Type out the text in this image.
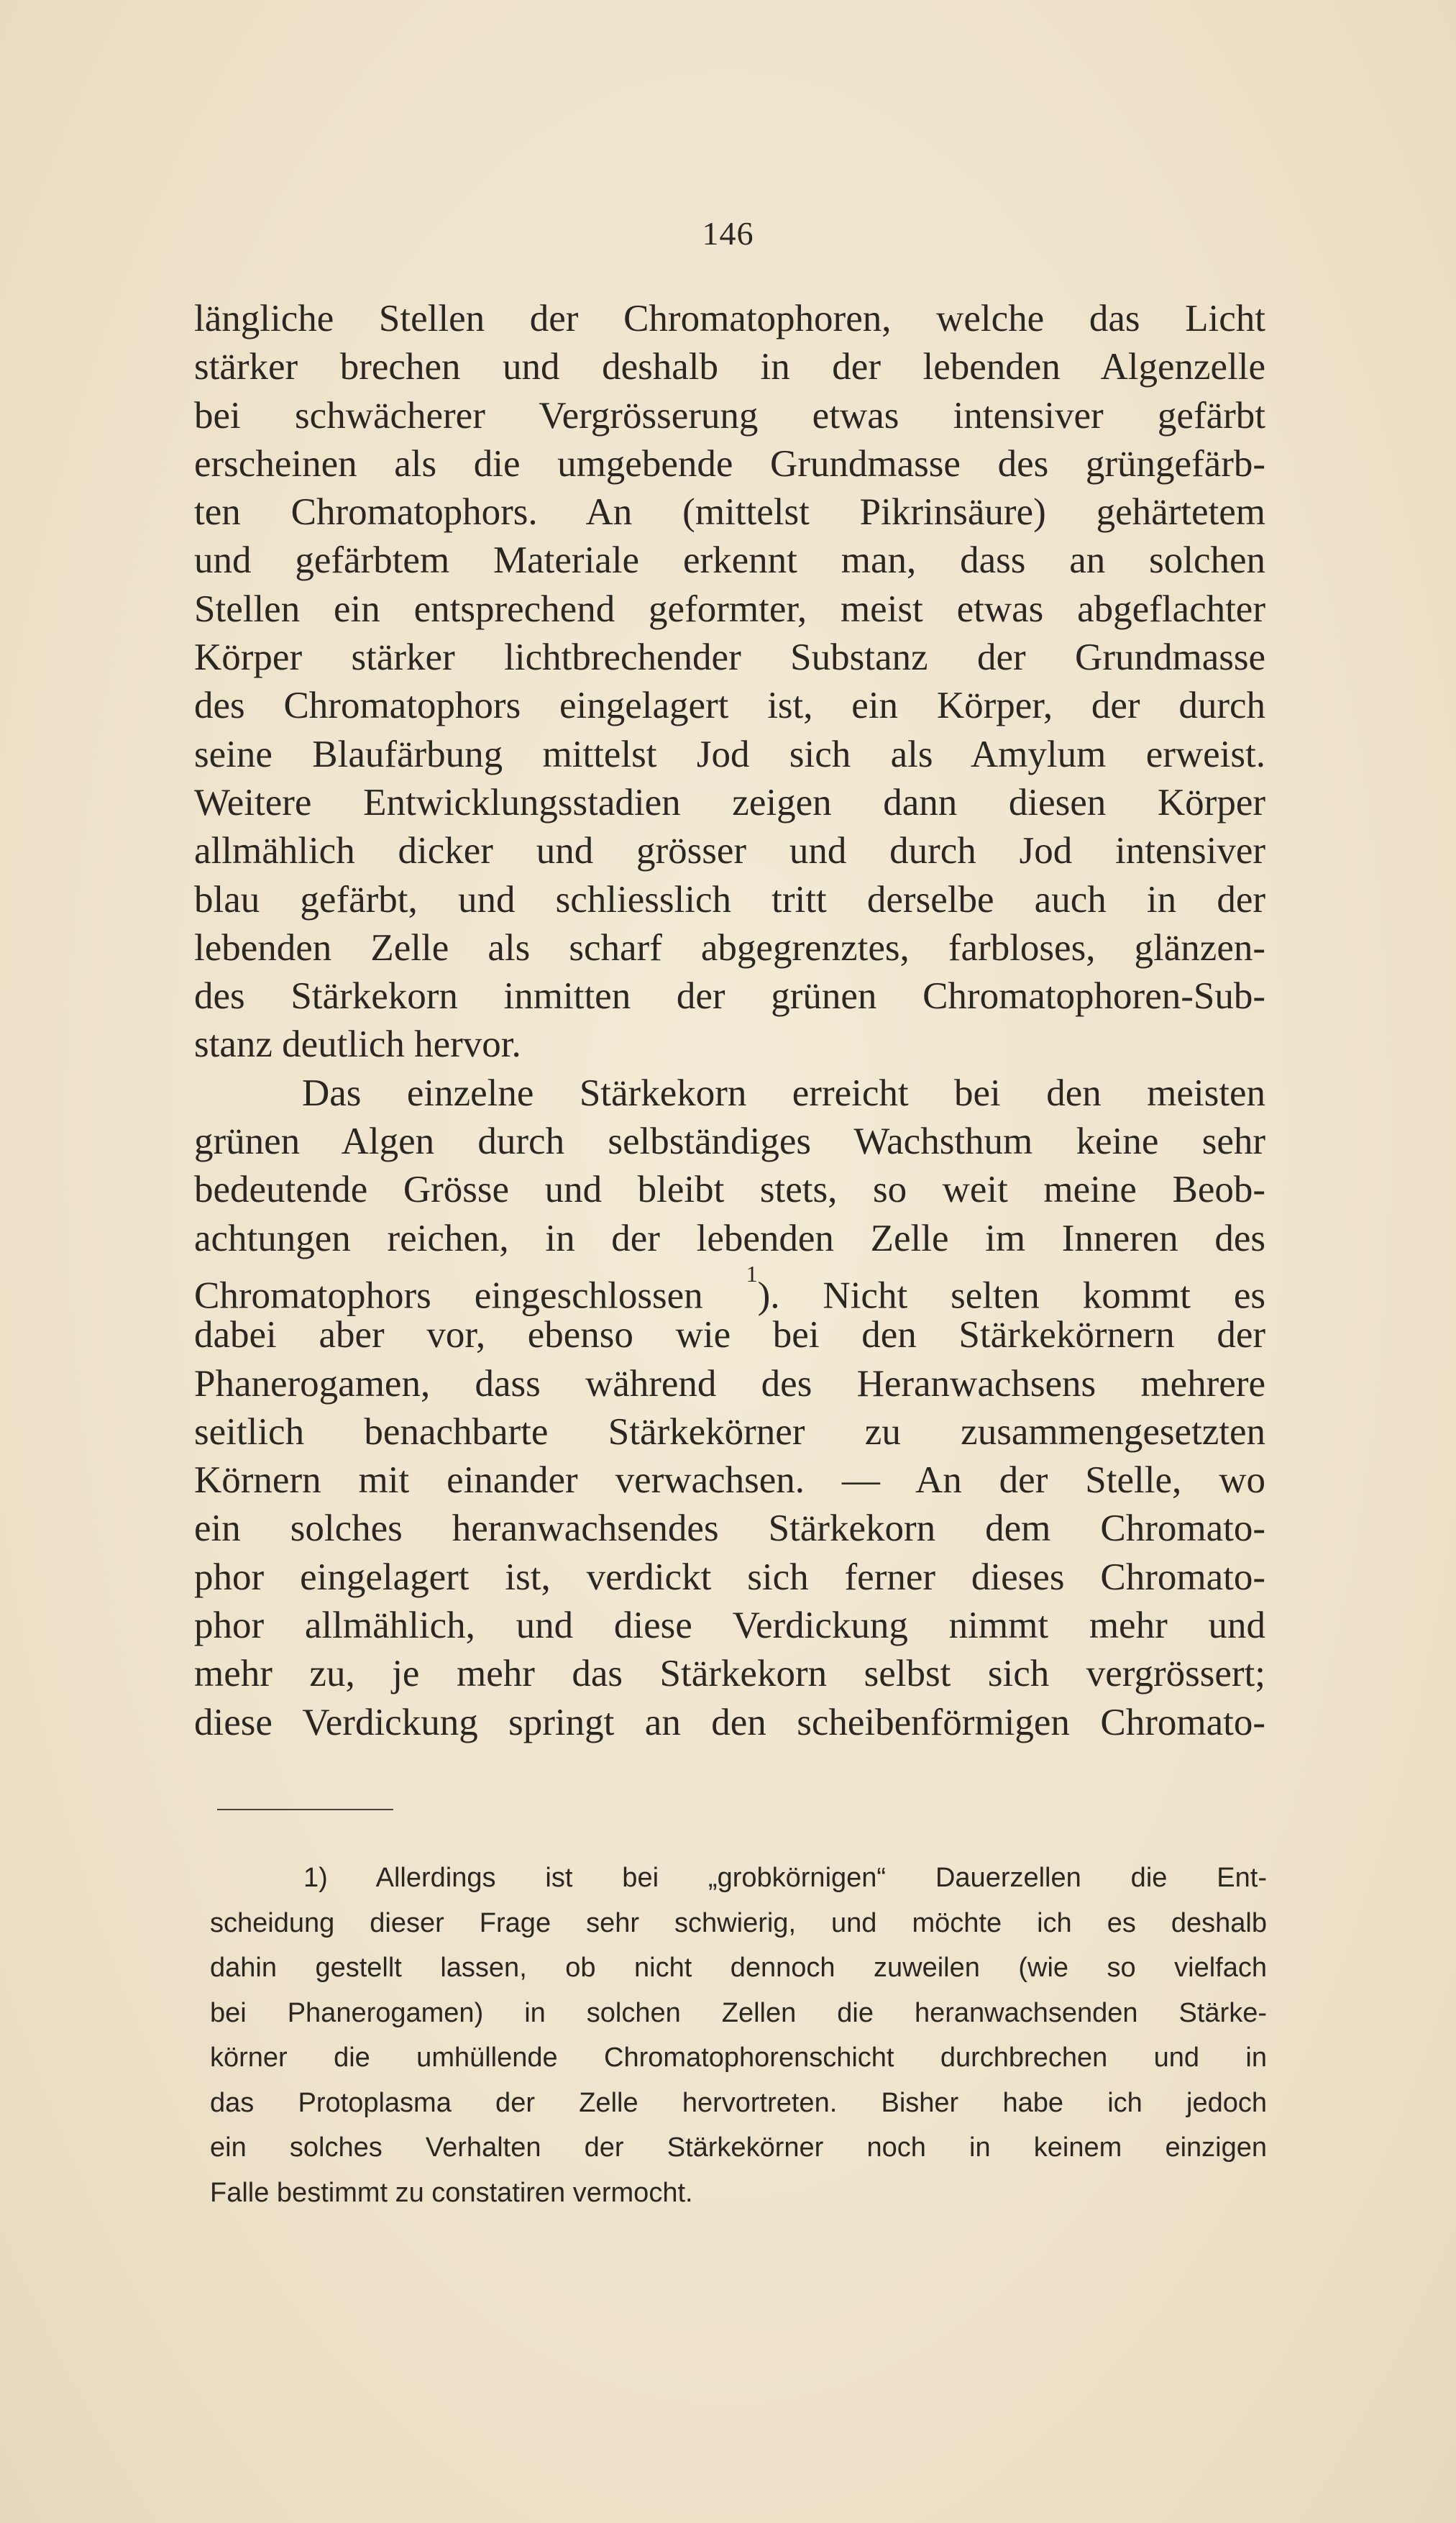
146
längliche Stellen der Chromatophoren, welche das Licht
stärker brechen und deshalb in der lebenden Algenzelle
bei schwächerer Vergrösserung etwas intensiver gefärbt
erscheinen als die umgebende Grundmasse des grüngefärb-
ten Chromatophors. An (mittelst Pikrinsäure) gehärtetem
und gefärbtem Materiale erkennt man, dass an solchen
Stellen ein entsprechend geformter, meist etwas abgeflachter
Körper stärker lichtbrechender Substanz der Grundmasse
des Chromatophors eingelagert ist, ein Körper, der durch
seine Blaufärbung mittelst Jod sich als Amylum erweist.
Weitere Entwicklungsstadien zeigen dann diesen Körper
allmählich dicker und grösser und durch Jod intensiver
blau gefärbt, und schliesslich tritt derselbe auch in der
lebenden Zelle als scharf abgegrenztes, farbloses, glänzen-
des Stärkekorn inmitten der grünen Chromatophoren-Sub-
stanz deutlich hervor.
Das einzelne Stärkekorn erreicht bei den meisten
grünen Algen durch selbständiges Wachsthum keine sehr
bedeutende Grösse und bleibt stets, so weit meine Beob-
achtungen reichen, in der lebenden Zelle im Inneren des
Chromatophors eingeschlossen $^1$). Nicht selten kommt es
dabei aber vor, ebenso wie bei den Stärkekörnern der
Phanerogamen, dass während des Heranwachsens mehrere
seitlich benachbarte Stärkekörner zu zusammengesetzten
Körnern mit einander verwachsen. — An der Stelle, wo
ein solches heranwachsendes Stärkekorn dem Chromato-
phor eingelagert ist, verdickt sich ferner dieses Chromato-
phor allmählich, und diese Verdickung nimmt mehr und
mehr zu, je mehr das Stärkekorn selbst sich vergrössert;
diese Verdickung springt an den scheibenförmigen Chromato-
1) Allerdings ist bei „grobkörnigen“ Dauerzellen die Ent-
scheidung dieser Frage sehr schwierig, und möchte ich es deshalb
dahin gestellt lassen, ob nicht dennoch zuweilen (wie so vielfach
bei Phanerogamen) in solchen Zellen die heranwachsenden Stärke-
körner die umhüllende Chromatophorenschicht durchbrechen und in
das Protoplasma der Zelle hervortreten. Bisher habe ich jedoch
ein solches Verhalten der Stärkekörner noch in keinem einzigen
Falle bestimmt zu constatiren vermocht.
